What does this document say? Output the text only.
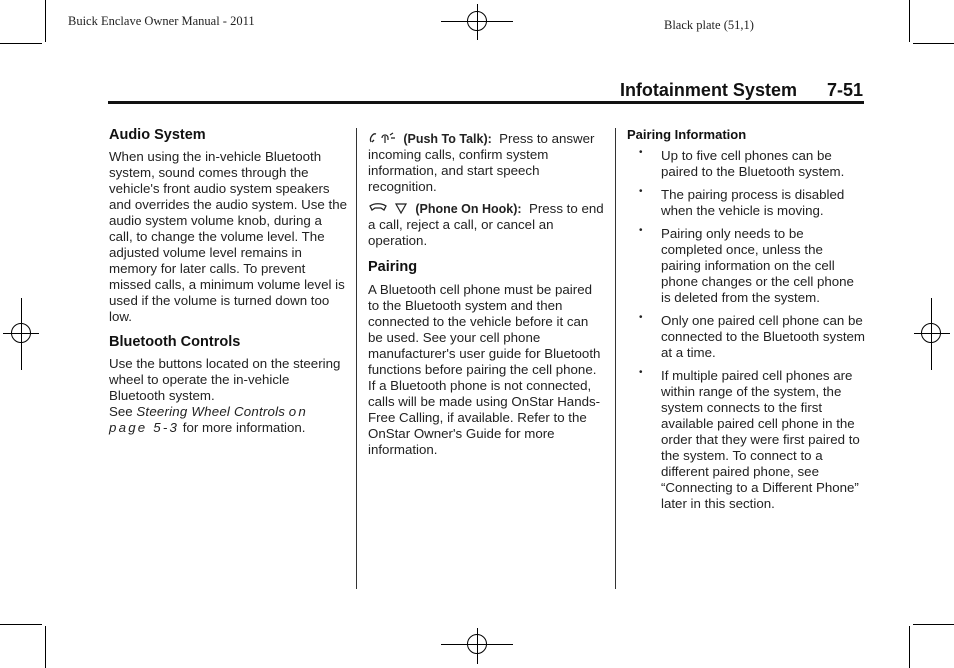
Buick Enclave Owner Manual - 2011	Black plate (51,1)
Infotainment System 7-51

Audio System

When using the in-vehicle Bluetooth system, sound comes through the vehicle's front audio system speakers and overrides the audio system. Use the audio system volume knob, during a call, to change the volume level. The adjusted volume level remains in memory for later calls. To prevent missed calls, a minimum volume level is used if the volume is turned down too low.

Bluetooth Controls

Use the buttons located on the steering wheel to operate the in-vehicle Bluetooth system.
See Steering Wheel Controls on page 5-3 for more information.

(Push To Talk): Press to answer incoming calls, confirm system information, and start speech recognition.

(Phone On Hook): Press to end a call, reject a call, or cancel an operation.

Pairing

A Bluetooth cell phone must be paired to the Bluetooth system and then connected to the vehicle before it can be used. See your cell phone manufacturer's user guide for Bluetooth functions before pairing the cell phone. If a Bluetooth phone is not connected, calls will be made using OnStar Hands-Free Calling, if available. Refer to the OnStar Owner's Guide for more information.

Pairing Information

• Up to five cell phones can be paired to the Bluetooth system.
• The pairing process is disabled when the vehicle is moving.
• Pairing only needs to be completed once, unless the pairing information on the cell phone changes or the cell phone is deleted from the system.
• Only one paired cell phone can be connected to the Bluetooth system at a time.
• If multiple paired cell phones are within range of the system, the system connects to the first available paired cell phone in the order that they were first paired to the system. To connect to a different paired phone, see “Connecting to a Different Phone” later in this section.
